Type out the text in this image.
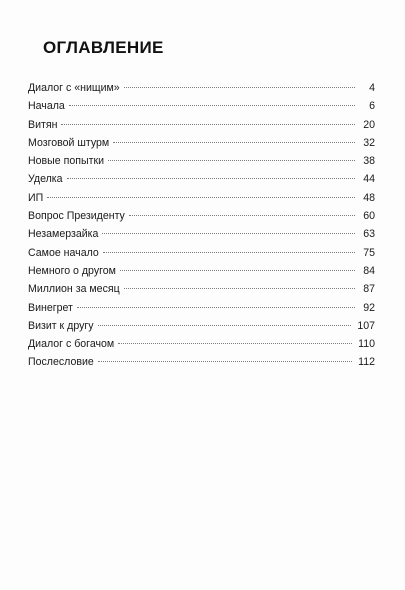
ОГЛАВЛЕНИЕ
Диалог с «нищим»	4
Начала	6
Витян	20
Мозговой штурм	32
Новые попытки	38
Уделка	44
ИП	48
Вопрос Президенту	60
Незамерзайка	63
Самое начало	75
Немного о другом	84
Миллион за месяц	87
Винегрет	92
Визит к другу	107
Диалог с богачом	110
Послесловие	112
